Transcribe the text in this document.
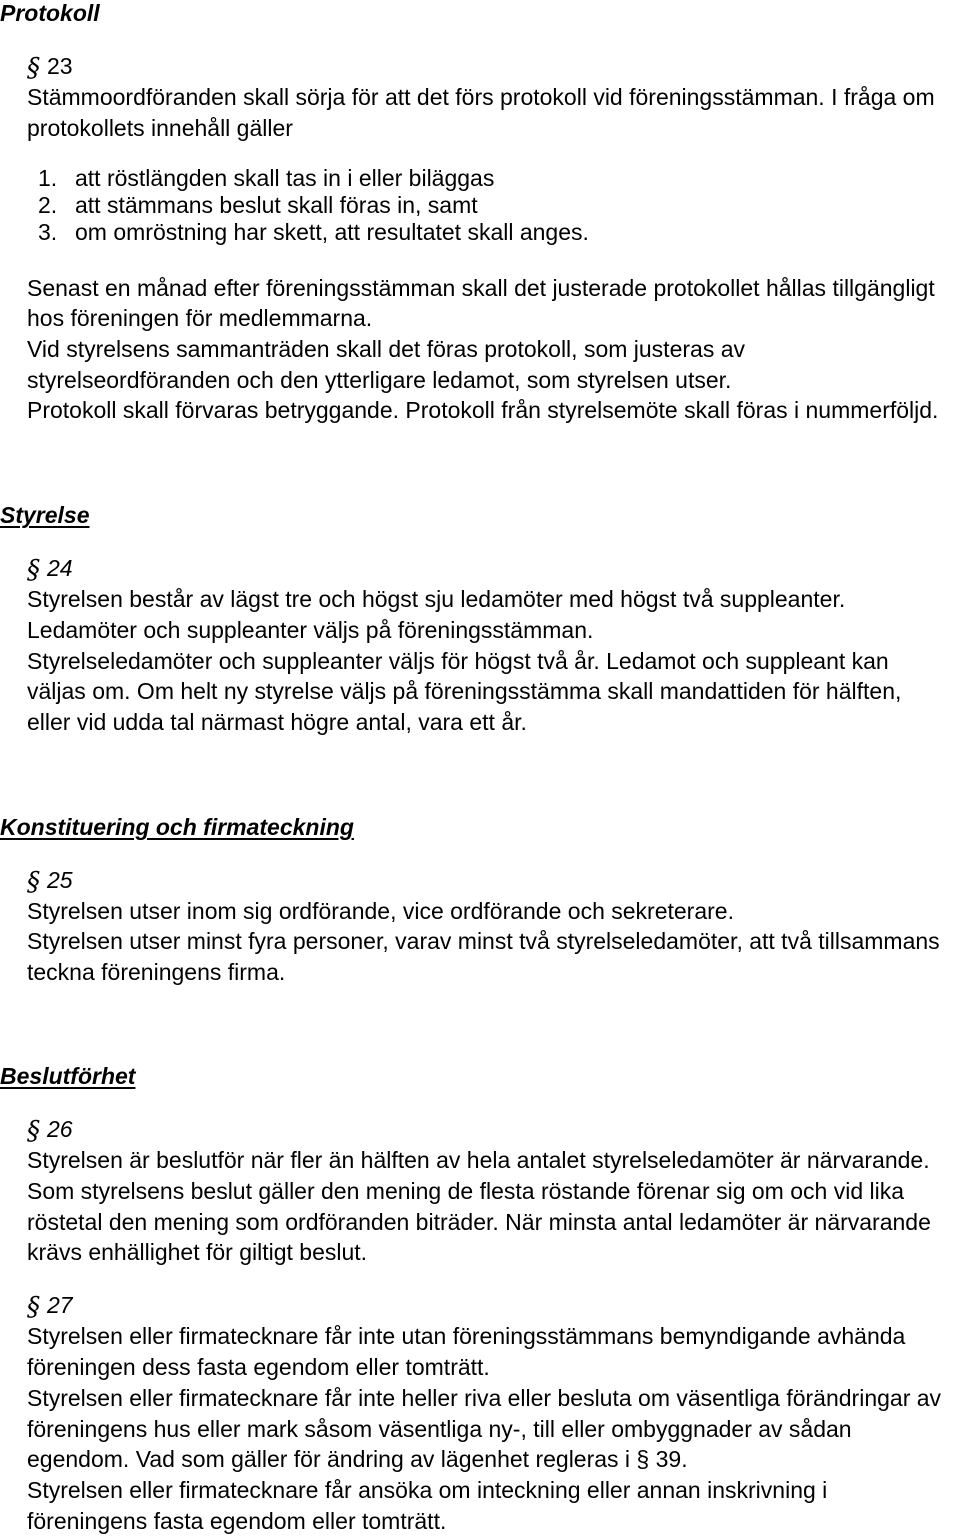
Protokoll
§ 23
Stämmoordföranden skall sörja för att det förs protokoll vid föreningsstämman. I fråga om
protokollets innehåll gäller
1. att röstlängden skall tas in i eller biläggas
2. att stämmans beslut skall föras in, samt
3. om omröstning har skett, att resultatet skall anges.
Senast en månad efter föreningsstämman skall det justerade protokollet hållas tillgängligt
hos föreningen för medlemmarna.
Vid styrelsens sammanträden skall det föras protokoll, som justeras av
styrelseordföranden och den ytterligare ledamot, som styrelsen utser.
Protokoll skall förvaras betryggande. Protokoll från styrelsemöte skall föras i nummerföljd.
Styrelse
§ 24
Styrelsen består av lägst tre och högst sju ledamöter med högst två suppleanter.
Ledamöter och suppleanter väljs på föreningsstämman.
Styrelseledamöter och suppleanter väljs för högst två år. Ledamot och suppleant kan
väljas om. Om helt ny styrelse väljs på föreningsstämma skall mandattiden för hälften,
eller vid udda tal närmast högre antal, vara ett år.
Konstituering och firmateckning
§ 25
Styrelsen utser inom sig ordförande, vice ordförande och sekreterare.
Styrelsen utser minst fyra personer, varav minst två styrelseledamöter, att två tillsammans
teckna föreningens firma.
Beslutförhet
§ 26
Styrelsen är beslutför när fler än hälften av hela antalet styrelseledamöter är närvarande.
Som styrelsens beslut gäller den mening de flesta röstande förenar sig om och vid lika
röstetal den mening som ordföranden biträder. När minsta antal ledamöter är närvarande
krävs enhällighet för giltigt beslut.
§ 27
Styrelsen eller firmatecknare får inte utan föreningsstämmans bemyndigande avhända
föreningen dess fasta egendom eller tomträtt.
Styrelsen eller firmatecknare får inte heller riva eller besluta om väsentliga förändringar av
föreningens hus eller mark såsom väsentliga ny-, till eller ombyggnader av sådan
egendom. Vad som gäller för ändring av lägenhet regleras i § 39.
Styrelsen eller firmatecknare får ansöka om inteckning eller annan inskrivning i
föreningens fasta egendom eller tomträtt.
